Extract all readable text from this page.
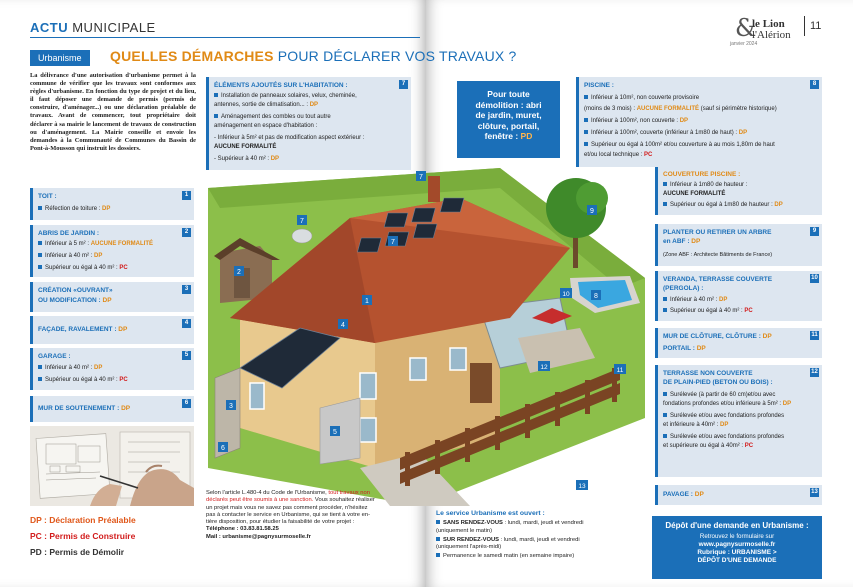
ACTU MUNICIPALE	&
le Lion
l'Alérion
janvier 2024
11
Urbanisme	QUELLES DÉMARCHES POUR DÉCLARER VOS TRAVAUX ?
La délivrance d'une autorisation d'urbanisme permet à la commune de vérifier que les travaux sont conformes aux règles d'urbanisme. En fonction du type de projet et du lieu, il faut déposer une demande de permis (permis de construire, d'aménager...) ou une déclaration préalable de travaux. Avant de commencer, tout propriétaire doit déclarer à sa mairie le lancement de travaux de construction ou d'aménagement. La Mairie conseille et envoie les demandes à la Communauté de Communes du Bassin de Pont-à-Mousson qui instruit les dossiers.
1
TOIT :
Réfection de toiture : DP
2
ABRIS DE JARDIN :
Inférieur à 5 m² : AUCUNE FORMALITÉ
Inférieur à 40 m² : DP
Supérieur ou égal à 40 m² : PC
3
CRÉATION «OUVRANT»
OU MODIFICATION : DP
4
FAÇADE, RAVALEMENT : DP
5
GARAGE :
Inférieur à 40 m² : DP
Supérieur ou égal à 40 m² : PC
6
MUR DE SOUTENEMENT : DP
DP : Déclaration Préalable
PC : Permis de Construire
PD : Permis de Démolir
7
ÉLÉMENTS AJOUTÉS SUR L'HABITATION :
Installation de panneaux solaires, velux, cheminée,
antennes, sortie de climatisation... : DP
Aménagement des combles ou tout autre
aménagement en espace d'habitation :
- Inférieur à 5m² et pas de modification aspect extérieur :
AUCUNE FORMALITÉ
- Supérieur à 40 m² : DP
Pour toute
démolition : abri
de jardin, muret,
clôture, portail,
fenêtre : PD
8
PISCINE :
Inférieur à 10m², non couverte provisoire
(moins de 3 mois) : AUCUNE FORMALITÉ (sauf si périmètre historique)
Inférieur à 100m², non couverte : DP
Inférieur à 100m², couverte (inférieur à 1m80 de haut) : DP
Supérieur ou égal à 100m² et/ou couverture à au mois 1,80m de haut
et/ou local technique : PC
COUVERTURE PISCINE :
Inférieur à 1m80 de hauteur :
AUCUNE FORMALITÉ
Supérieur ou égal à 1m80 de hauteur : DP
9
PLANTER OU RETIRER UN ARBRE
en ABF : DP
(Zone ABF : Architecte Bâtiments de France)
10
VERANDA, TERRASSE COUVERTE
(PERGOLA) :
Inférieur à 40 m² : DP
Supérieur ou égal à 40 m² : PC
11
MUR DE CLÔTURE, CLÔTURE : DP
PORTAIL : DP
12
TERRASSE NON COUVERTE
DE PLAIN-PIED (BETON OU BOIS) :
Surélevée (à partir de 60 cm)et/ou avec
fondations profondes et/ou inférieure à 5m² : DP
Surélevée et/ou avec fondations profondes
et inférieure à 40m² : DP
Surélevée et/ou avec fondations profondes
et supérieure ou égal à 40m² : PC
13
PAVAGE : DP
1
2
3
4
5
6
7
7
7
8
9
10
11
12
13
Selon l'article L.480-4 du Code de l'Urbanisme, tout travaux non
déclarés peut être soumis à une sanction. Vous souhaitez réaliser
un projet mais vous ne savez pas comment procéder, n'hésitez
pas à contacter le service en Urbanisme, qui se tient à votre en-
tière disposition, pour étudier la faisabilité de votre projet :
Téléphone : 03.83.81.58.25
Mail : urbanisme@pagnysurmoselle.fr
Le service Urbanisme est ouvert :
SANS RENDEZ-VOUS : lundi, mardi, jeudi et vendredi
(uniquement le matin)
SUR RENDEZ-VOUS : lundi, mardi, jeudi et vendredi
(uniquement l'après-midi)
Permanence le samedi matin (en semaine impaire)
Dépôt d'une demande en Urbanisme :
Retrouvez le formulaire sur
www.pagnysurmoselle.fr
Rubrique : URBANISME >
DÉPÔT D'UNE DEMANDE
